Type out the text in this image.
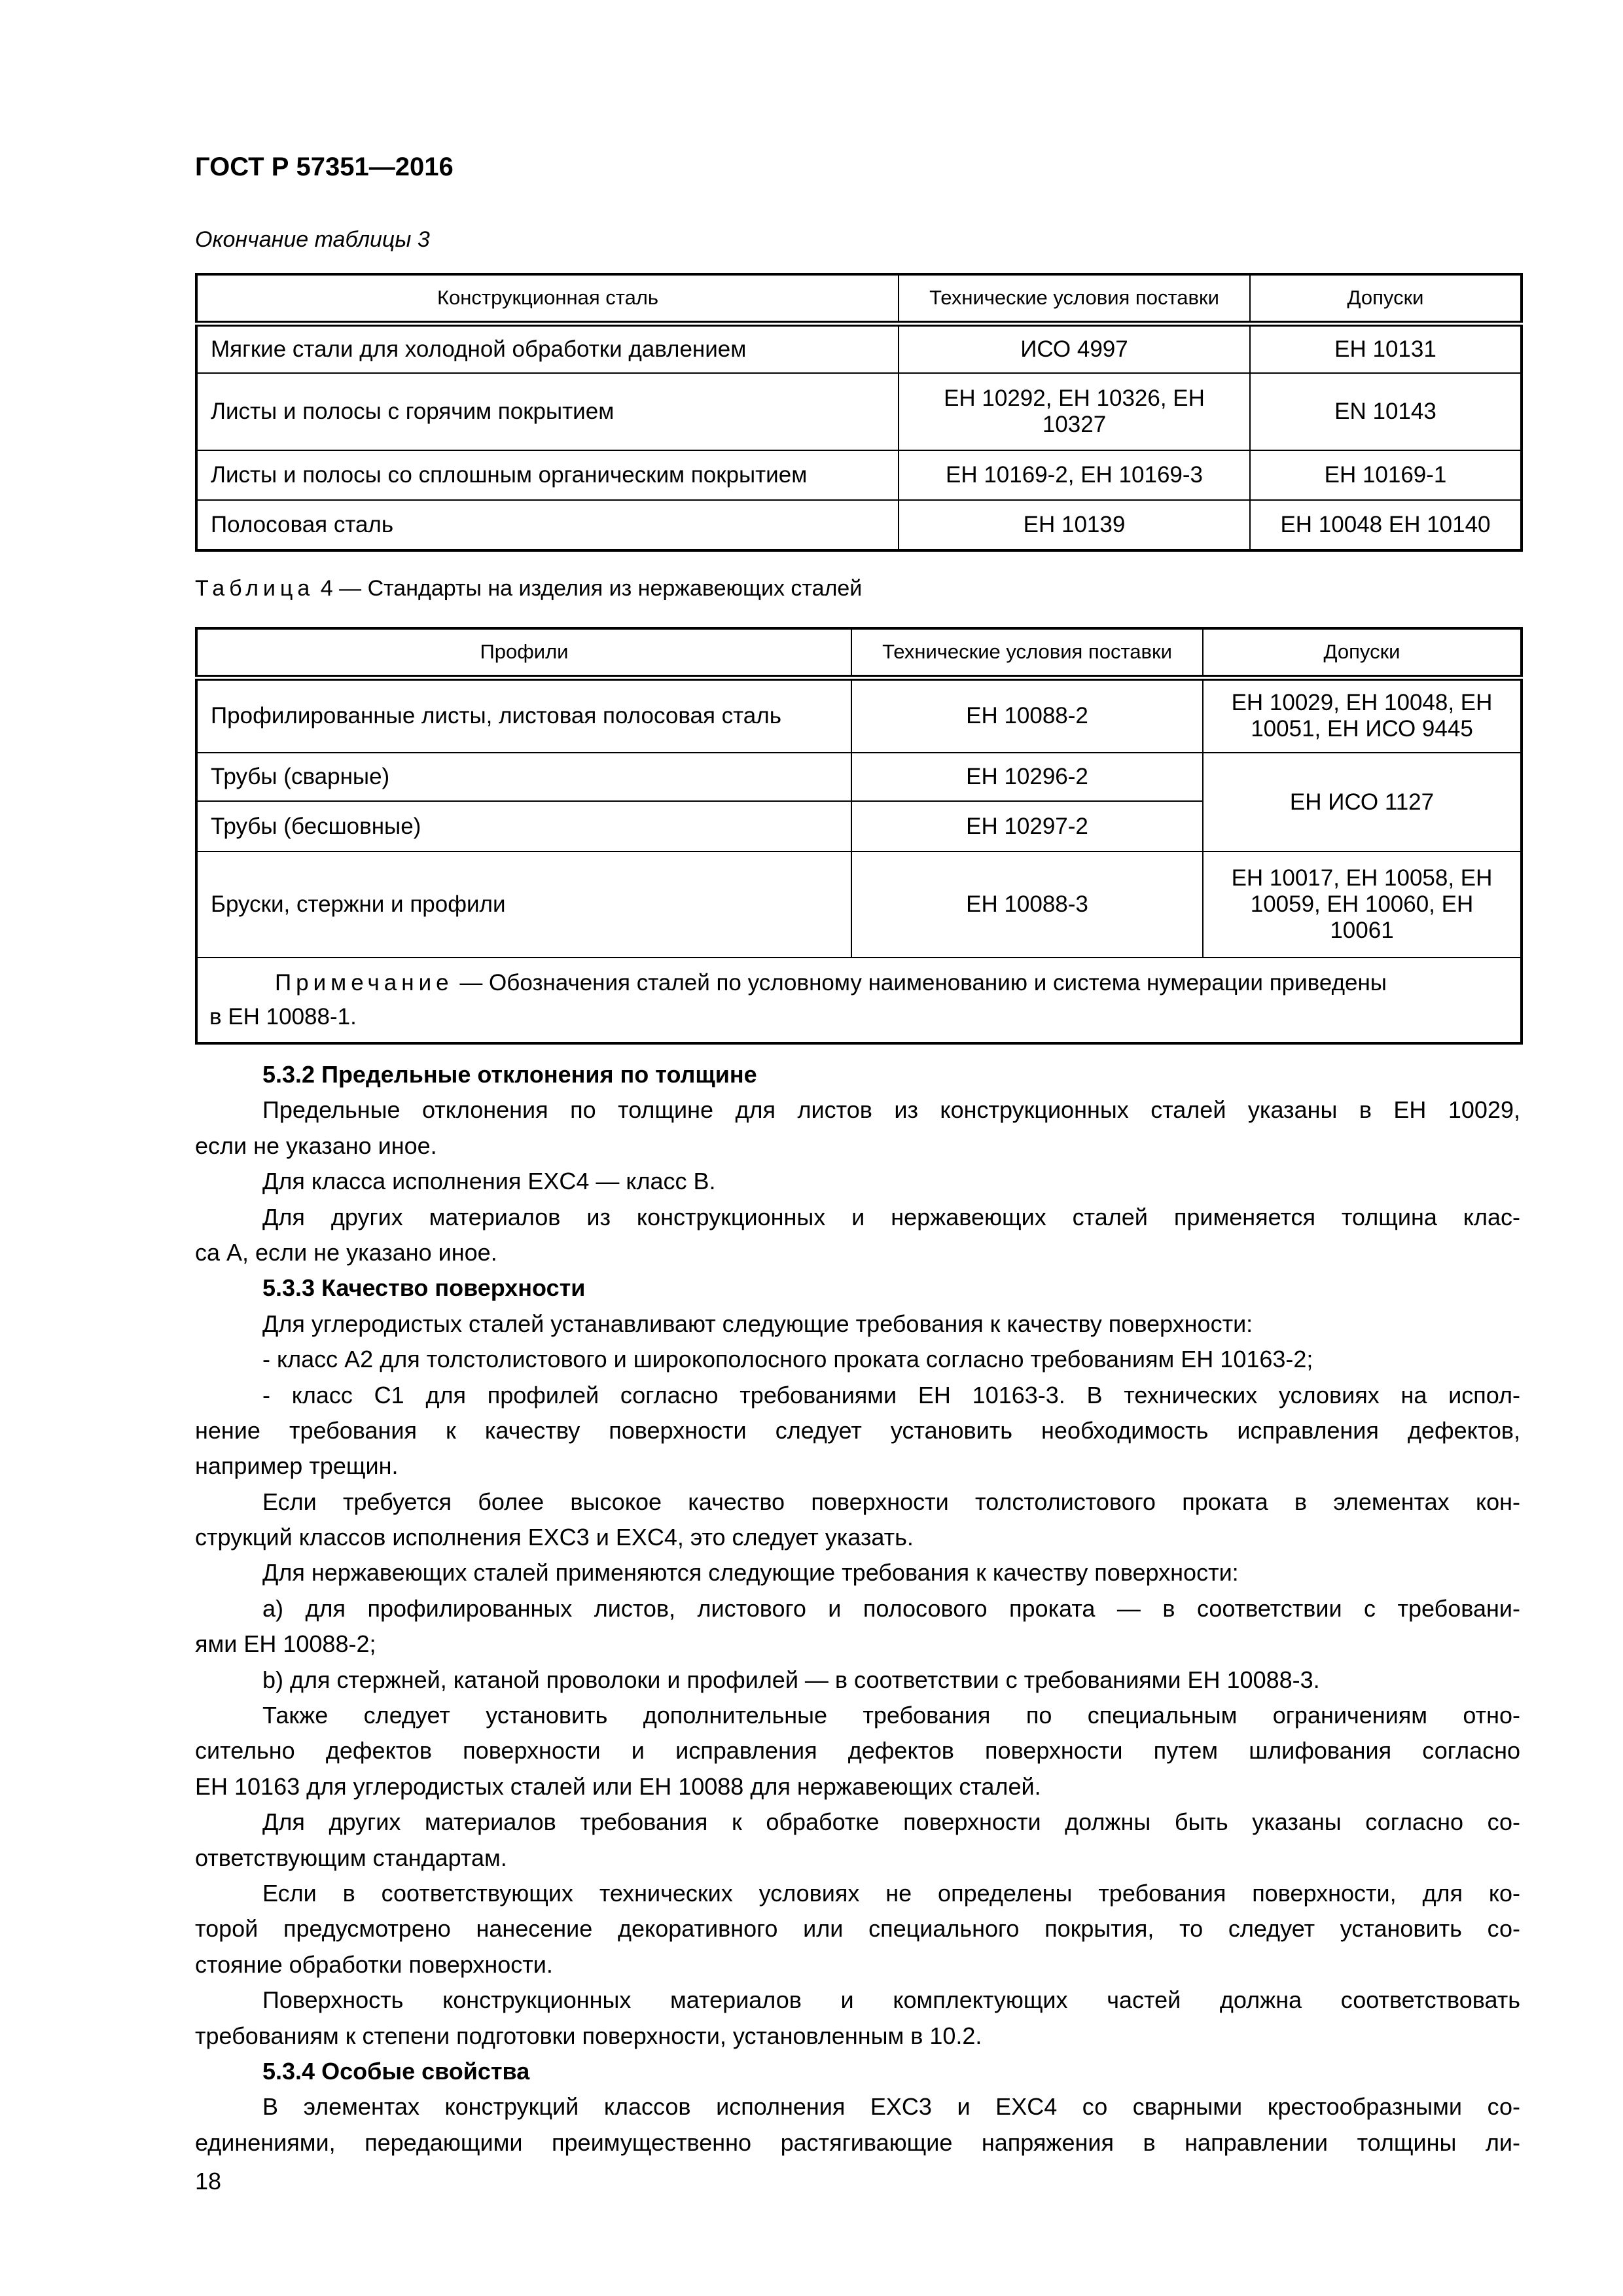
ГОСТ Р 57351—2016
Окончание таблицы 3
Конструкционная сталь	Технические условия поставки	Допуски
Мягкие стали для холодной обработки давлением	ИСО 4997	ЕН 10131
Листы и полосы с горячим покрытием	ЕН 10292, ЕН 10326, ЕН 10327	EN 10143
Листы и полосы со сплошным органическим покрытием	ЕН 10169-2, ЕН 10169-3	ЕН 10169-1
Полосовая сталь	ЕН 10139	ЕН 10048 ЕН 10140
Таблица 4 — Стандарты на изделия из нержавеющих сталей
Профили	Технические условия поставки	Допуски
Профилированные листы, листовая полосовая сталь	ЕН 10088-2	ЕН 10029, ЕН 10048, ЕН 10051, ЕН ИСО 9445
Трубы (сварные)	ЕН 10296-2	ЕН ИСО 1127
Трубы (бесшовные)	ЕН 10297-2	
Бруски, стержни и профили	ЕН 10088-3	ЕН 10017, ЕН 10058, ЕН 10059, ЕН 10060, ЕН 10061

Примечание — Обозначения сталей по условному наименованию и система нумерации приведены
в ЕН 10088-1.		
5.3.2 Предельные отклонения по толщине
Предельные отклонения по толщине для листов из конструкционных сталей указаны в ЕН 10029,
если не указано иное.
Для класса исполнения EXC4 — класс B.
Для других материалов из конструкционных и нержавеющих сталей применяется толщина клас-
са А, если не указано иное.
5.3.3 Качество поверхности
Для углеродистых сталей устанавливают следующие требования к качеству поверхности:
- класс А2 для толстолистового и широкополосного проката согласно требованиям ЕН 10163-2;
- класс С1 для профилей согласно требованиями ЕН 10163-3. В технических условиях на испол-
нение требования к качеству поверхности следует установить необходимость исправления дефектов,
например трещин.
Если требуется более высокое качество поверхности толстолистового проката в элементах кон-
струкций классов исполнения EXC3 и EXC4, это следует указать.
Для нержавеющих сталей применяются следующие требования к качеству поверхности:
a) для профилированных листов, листового и полосового проката — в соответствии с требовани-
ями ЕН 10088-2;
b) для стержней, катаной проволоки и профилей — в соответствии с требованиями ЕН 10088-3.
Также следует установить дополнительные требования по специальным ограничениям отно-
сительно дефектов поверхности и исправления дефектов поверхности путем шлифования согласно
ЕН 10163 для углеродистых сталей или ЕН 10088 для нержавеющих сталей.
Для других материалов требования к обработке поверхности должны быть указаны согласно со-
ответствующим стандартам.
Если в соответствующих технических условиях не определены требования поверхности, для ко-
торой предусмотрено нанесение декоративного или специального покрытия, то следует установить со-
стояние обработки поверхности.
Поверхность конструкционных материалов и комплектующих частей должна соответствовать
требованиям к степени подготовки поверхности, установленным в 10.2.
5.3.4 Особые свойства
В элементах конструкций классов исполнения EXC3 и EXC4 со сварными крестообразными со-
единениями, передающими преимущественно растягивающие напряжения в направлении толщины ли-
18
